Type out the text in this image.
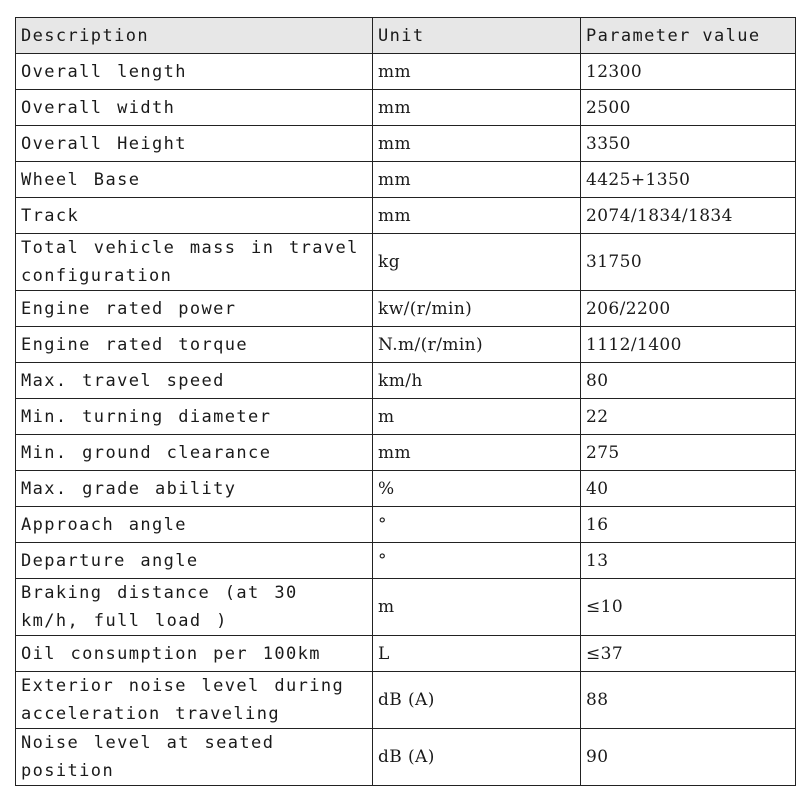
Description	Unit	Parameter value
Overall length	mm	12300
Overall width	mm	2500
Overall Height	mm	3350
Wheel Base	mm	4425+1350
Track	mm	2074/1834/1834
Total vehicle mass in travel configuration	kg	31750
Engine rated power	kw/(r/min)	206/2200
Engine rated torque	N.m/(r/min)	1112/1400
Max. travel speed	km/h	80
Min. turning diameter	m	22
Min. ground clearance	mm	275
Max. grade ability	%	40
Approach angle	°	16
Departure angle	°	13
Braking distance (at 30 km/h, full load )	m	≤10
Oil consumption per 100km	L	≤37
Exterior noise level during acceleration traveling	dB (A)	88
Noise level at seated position	dB (A)	90
